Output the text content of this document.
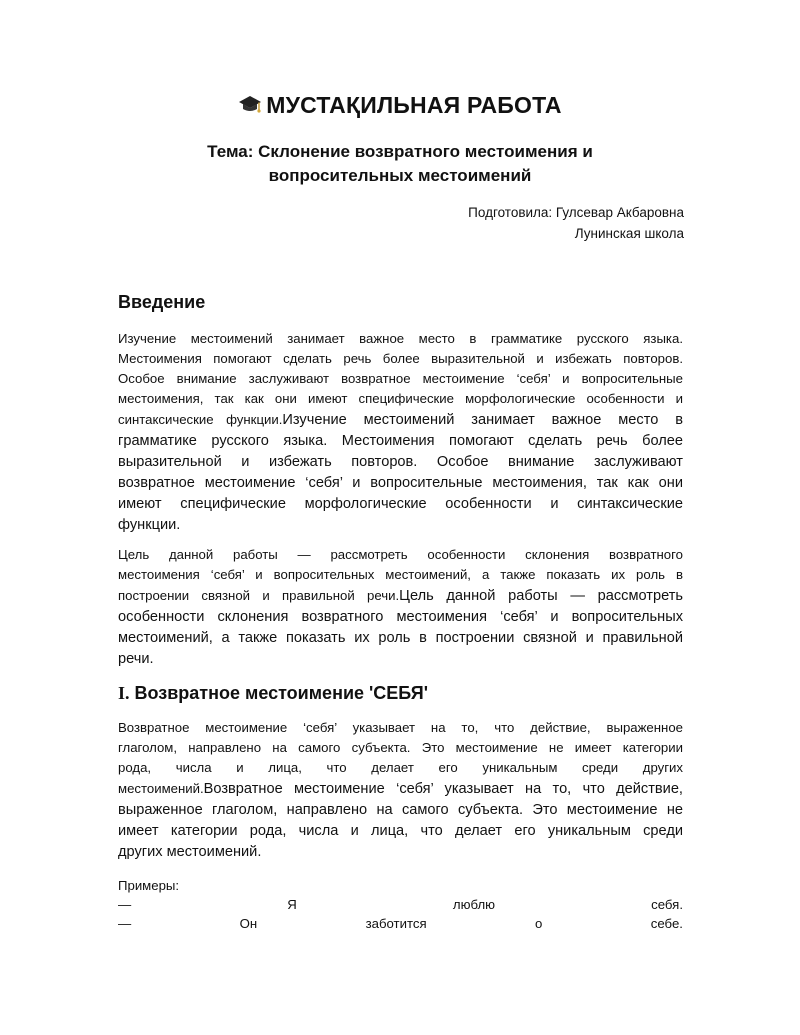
МУСТАҚИЛЬНАЯ РАБОТА
Тема: Склонение возвратного местоимения и
вопросительных местоимений
Подготовила: Гулсевар Акбаровна
Лунинская школа
Введение
Изучение местоимений занимает важное место в грамматике русского языка.
Местоимения помогают сделать речь более выразительной и избежать повторов.
Особое внимание заслуживают возвратное местоимение ‘себя’ и вопросительные
местоимения, так как они имеют специфические морфологические особенности и
синтаксические функции.Изучение местоимений занимает важное место в
грамматике русского языка. Местоимения помогают сделать речь более
выразительной и избежать повторов. Особое внимание заслуживают
возвратное местоимение ‘себя’ и вопросительные местоимения, так как они
имеют специфические морфологические особенности и синтаксические
функции.
Цель данной работы — рассмотреть особенности склонения возвратного
местоимения ‘себя’ и вопросительных местоимений, а также показать их роль в
построении связной и правильной речи.Цель данной работы — рассмотреть
особенности склонения возвратного местоимения ‘себя’ и вопросительных
местоимений, а также показать их роль в построении связной и правильной
речи.
I. Возвратное местоимение 'СЕБЯ'
Возвратное местоимение ‘себя’ указывает на то, что действие, выраженное
глаголом, направлено на самого субъекта. Это местоимение не имеет категории
рода, числа и лица, что делает его уникальным среди других
местоимений.Возвратное местоимение ‘себя’ указывает на то, что действие,
выраженное глаголом, направлено на самого субъекта. Это местоимение не
имеет категории рода, числа и лица, что делает его уникальным среди
других местоимений.
Примеры:
—	Я	люблю	себя.
—	Он	заботится	о	себе.
